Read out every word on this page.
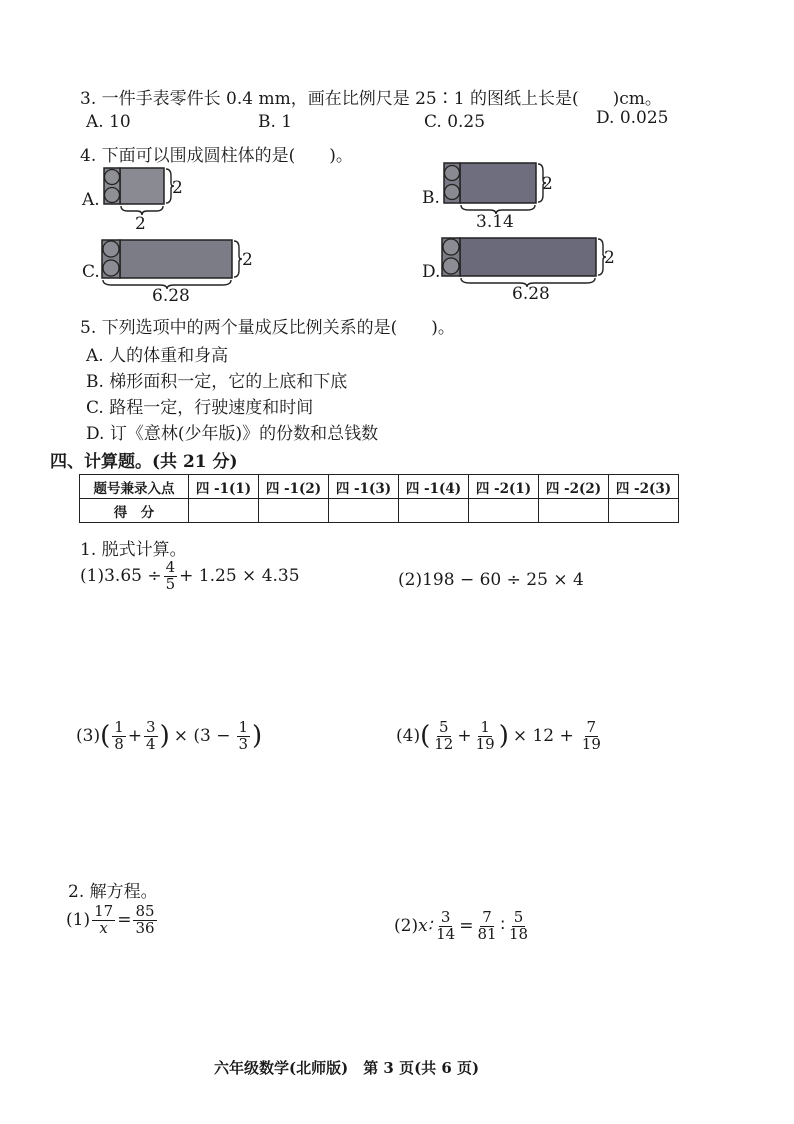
3. 一件手表零件长 0.4 mm，画在比例尺是 25∶1 的图纸上长是(　　)cm。
A. 10	B. 1	C. 0.25	D. 0.025
4. 下面可以围成圆柱体的是(　　)。
A.
2
2
B.
2
3.14
C.
2
6.28
D.
2
6.28
5. 下列选项中的两个量成反比例关系的是(　　)。
A. 人的体重和身高
B. 梯形面积一定，它的上底和下底
C. 路程一定，行驶速度和时间
D. 订《意林(少年版)》的份数和总钱数
四、计算题。(共 21 分)
题号兼录入点	四 -1(1)	四 -1(2)	四 -1(3)	四 -1(4)	四 -2(1)	四 -2(2)	四 -2(3)
得　分							
1. 脱式计算。
(1) $3.65 \div \frac{4}{5} + 1.25 \times 4.35$	(2) 198 − 60 ÷ 25 × 4
(3) ( $\frac{1}{8} + \frac{3}{4}$ ) × ($3 - \frac{1}{3}$ )	(4) ( $\frac{5}{12} + \frac{1}{19}$ ) × $12 + \frac{7}{19}$
2. 解方程。
$(1) \frac{17}{x} = \frac{85}{36}$	(2) x∶ $\frac{3}{14} = \frac{7}{81}$ ∶ $\frac{5}{18}$
六年级数学(北师版)　第 3 页(共 6 页)
